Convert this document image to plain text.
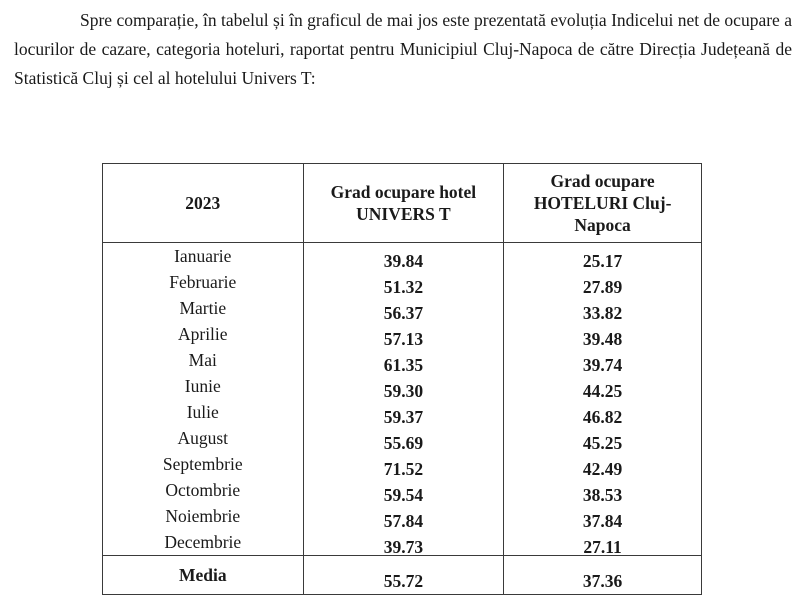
Spre comparație, în tabelul și în graficul de mai jos este prezentată evoluția Indicelui net de ocupare a locurilor de cazare, categoria hoteluri, raportat pentru Municipiul Cluj-Napoca de către Direcția Județeană de Statistică Cluj și cel al hotelului Univers T:

2023	Grad ocupare hotel UNIVERS T	Grad ocupare HOTELURI Cluj-Napoca
Ianuarie	39.84	25.17
Februarie	51.32	27.89
Martie	56.37	33.82
Aprilie	57.13	39.48
Mai	61.35	39.74
Iunie	59.30	44.25
Iulie	59.37	46.82
August	55.69	45.25
Septembrie	71.52	42.49
Octombrie	59.54	38.53
Noiembrie	57.84	37.84
Decembrie	39.73	27.11
Media	55.72	37.36
